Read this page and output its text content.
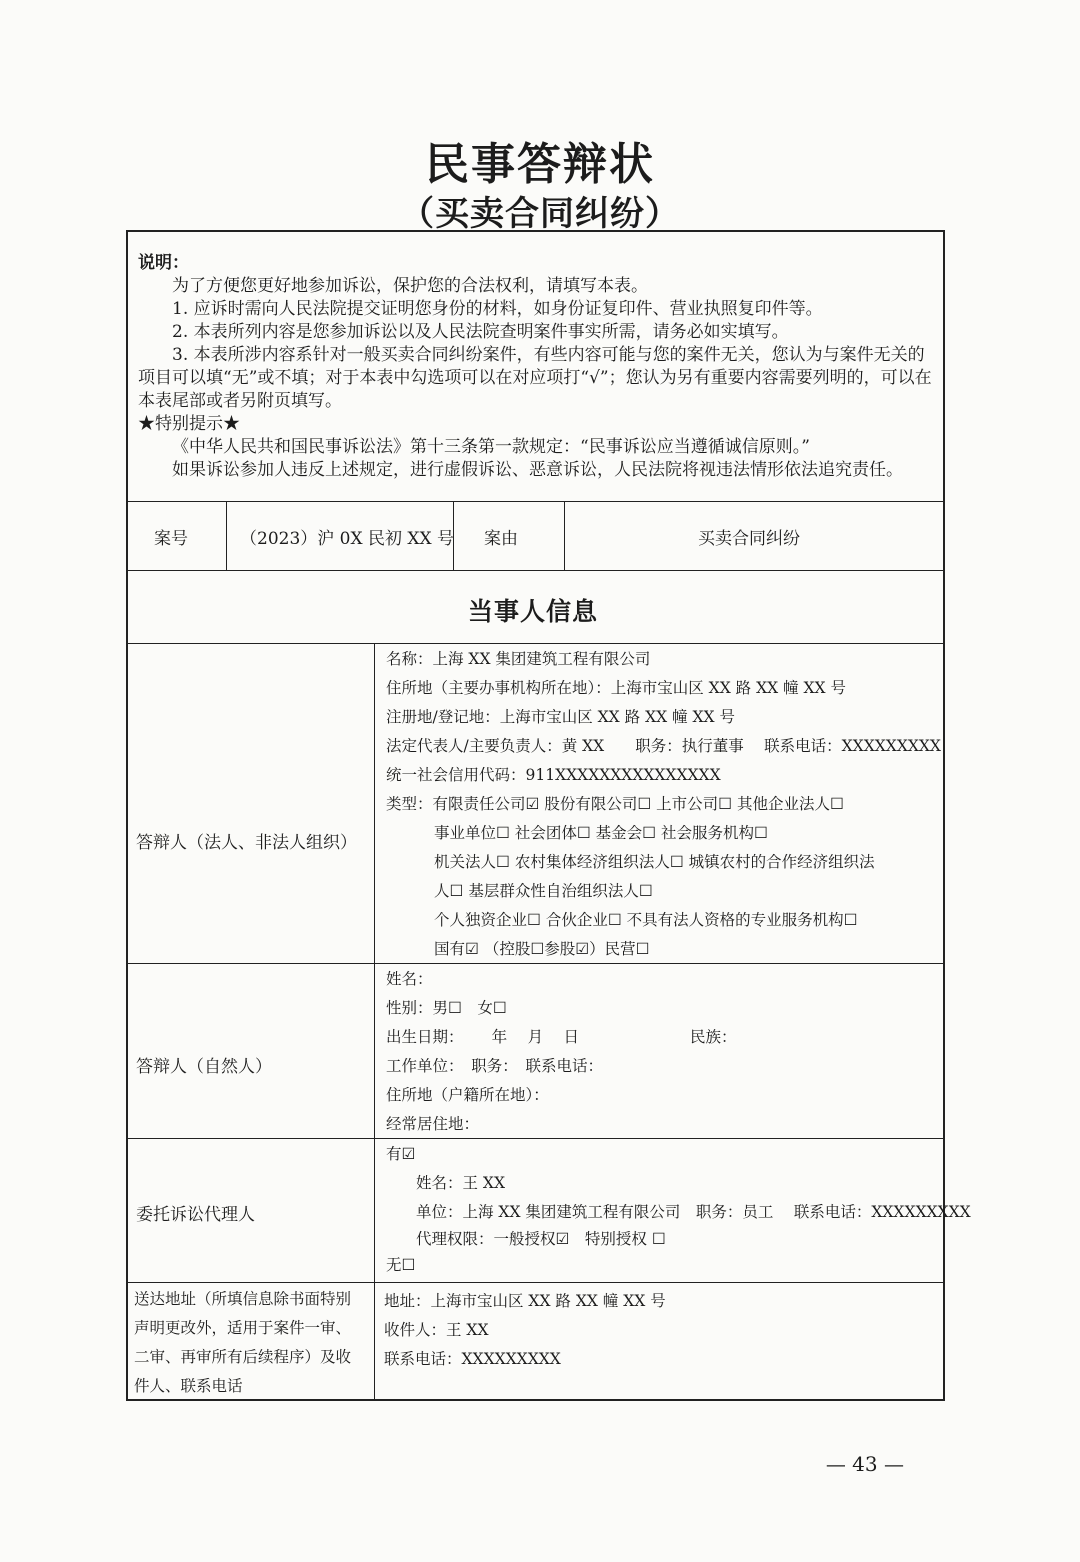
民事答辩状
（买卖合同纠纷）

说明：

为了方便您更好地参加诉讼，保护您的合法权利，请填写本表。

1. 应诉时需向人民法院提交证明您身份的材料，如身份证复印件、营业执照复印件等。

2. 本表所列内容是您参加诉讼以及人民法院查明案件事实所需，请务必如实填写。

3. 本表所涉内容系针对一般买卖合同纠纷案件，有些内容可能与您的案件无关，您认为与案件无关的项目可以填“无”或不填；对于本表中勾选项可以在对应项打“√”；您认为另有重要内容需要列明的，可以在本表尾部或者另附页填写。

★特别提示★

《中华人民共和国民事诉讼法》第十三条第一款规定：“民事诉讼应当遵循诚信原则。”

如果诉讼参加人违反上述规定，进行虚假诉讼、恶意诉讼，人民法院将视违法情形依法追究责任。

案号	（2023）沪 0X 民初 XX 号 案由	买卖合同纠纷
当事人信息
答辩人（法人、非法人组织）
名称：上海 XX 集团建筑工程有限公司
住所地（主要办事机构所在地）：上海市宝山区 XX 路 XX 幢 XX 号
注册地/登记地：上海市宝山区 XX 路 XX 幢 XX 号
法定代表人/主要负责人：黄 XX　　职务：执行董事　 联系电话：XXXXXXXXX
统一社会信用代码：911XXXXXXXXXXXXXXX
类型：有限责任公司☑ 股份有限公司☐ 上市公司☐ 其他企业法人☐
事业单位☐ 社会团体☐ 基金会☐ 社会服务机构☐
机关法人☐ 农村集体经济组织法人☐ 城镇农村的合作经济组织法
人☐ 基层群众性自治组织法人☐
个人独资企业☐ 合伙企业☐ 不具有法人资格的专业服务机构☐
国有☑ （控股☐参股☑）民营☐
答辩人（自然人）
姓名：
性别：男☐　女☐
出生日期：　　 年　 月　 日
工作单位：　职务：　联系电话：
住所地（户籍所在地）：
经常居住地：
民族：
委托诉讼代理人
有☑
姓名：王 XX
单位：上海 XX 集团建筑工程有限公司　职务：员工　 联系电话：XXXXXXXXX
代理权限：一般授权☑　特别授权 ☐
无☐
送达地址（所填信息除书面特别
声明更改外，适用于案件一审、
二审、再审所有后续程序）及收
件人、联系电话
地址：上海市宝山区 XX 路 XX 幢 XX 号
收件人：王 XX
联系电话：XXXXXXXXX
— 43 —
